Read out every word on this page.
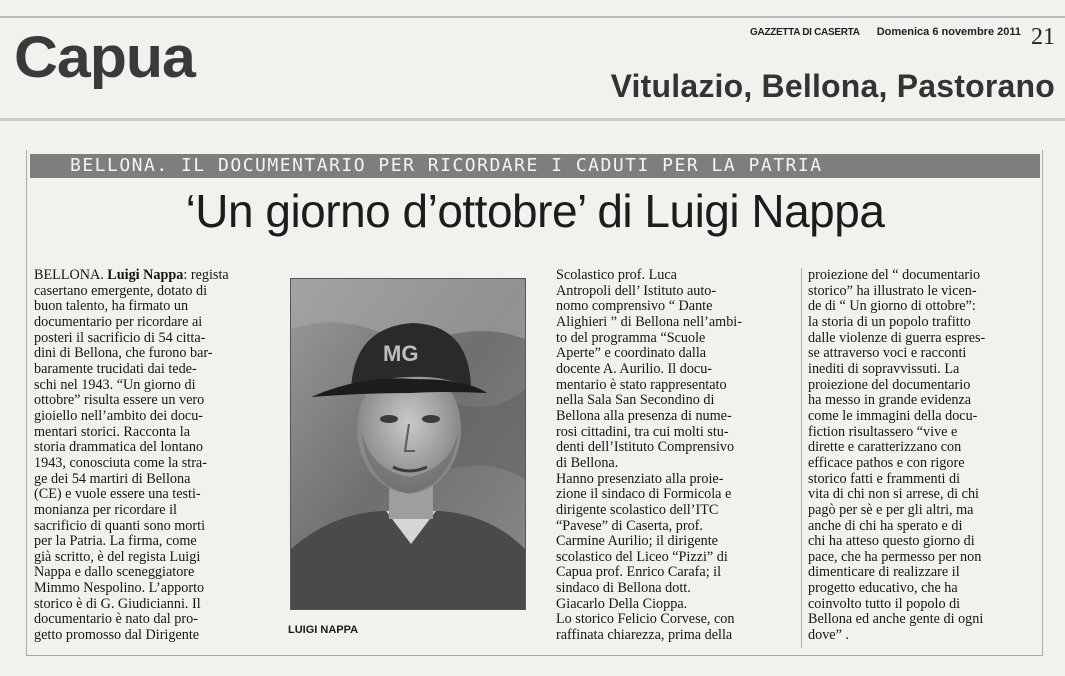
Capua	GAZZETTA DI CASERTA Domenica 6 novembre 2011 21
Vitulazio, Bellona, Pastorano
BELLONA. IL DOCUMENTARIO PER RICORDARE I CADUTI PER LA PATRIA
‘Un giorno d’ottobre’ di Luigi Nappa

BELLONA. Luigi Nappa: regista

casertano emergente, dotato di

buon talento, ha firmato un

documentario per ricordare ai

posteri il sacrificio di 54 citta-

dini di Bellona, che furono bar-

baramente trucidati dai tede-

schi nel 1943. “Un giorno di

ottobre” risulta essere un vero

gioiello nell’ambito dei docu-

mentari storici. Racconta la

storia drammatica del lontano

1943, conosciuta come la stra-

ge dei 54 martiri di Bellona

(CE) e vuole essere una testi-

monianza per ricordare il

sacrificio di quanti sono morti

per la Patria. La firma, come

già scritto, è del regista Luigi

Nappa e dallo sceneggiatore

Mimmo Nespolino. L’apporto

storico è di G. Giudicianni. Il

documentario è nato dal pro-

getto promosso dal Dirigente

MG
LUIGI NAPPA

Scolastico prof. Luca

Antropoli dell’ Istituto auto-

nomo comprensivo “ Dante

Alighieri ” di Bellona nell’ambi-

to del programma “Scuole

Aperte” e coordinato dalla

docente A. Aurilio. Il docu-

mentario è stato rappresentato

nella Sala San Secondino di

Bellona alla presenza di nume-

rosi cittadini, tra cui molti stu-

denti dell’Istituto Comprensivo

di Bellona.

Hanno presenziato alla proie-

zione il sindaco di Formicola e

dirigente scolastico dell’ITC

“Pavese” di Caserta, prof.

Carmine Aurilio; il dirigente

scolastico del Liceo “Pizzi” di

Capua prof. Enrico Carafa; il

sindaco di Bellona dott.

Giacarlo Della Cioppa.

Lo storico Felicio Corvese, con

raffinata chiarezza, prima della

proiezione del “ documentario

storico” ha illustrato le vicen-

de di “ Un giorno di ottobre”:

la storia di un popolo trafitto

dalle violenze di guerra espres-

se attraverso voci e racconti

inediti di sopravvissuti. La

proiezione del documentario

ha messo in grande evidenza

come le immagini della docu-

fiction risultassero “vive e

dirette e caratterizzano con

efficace pathos e con rigore

storico fatti e frammenti di

vita di chi non si arrese, di chi

pagò per sè e per gli altri, ma

anche di chi ha sperato e di

chi ha atteso questo giorno di

pace, che ha permesso per non

dimenticare di realizzare il

progetto educativo, che ha

coinvolto tutto il popolo di

Bellona ed anche gente di ogni

dove” .
